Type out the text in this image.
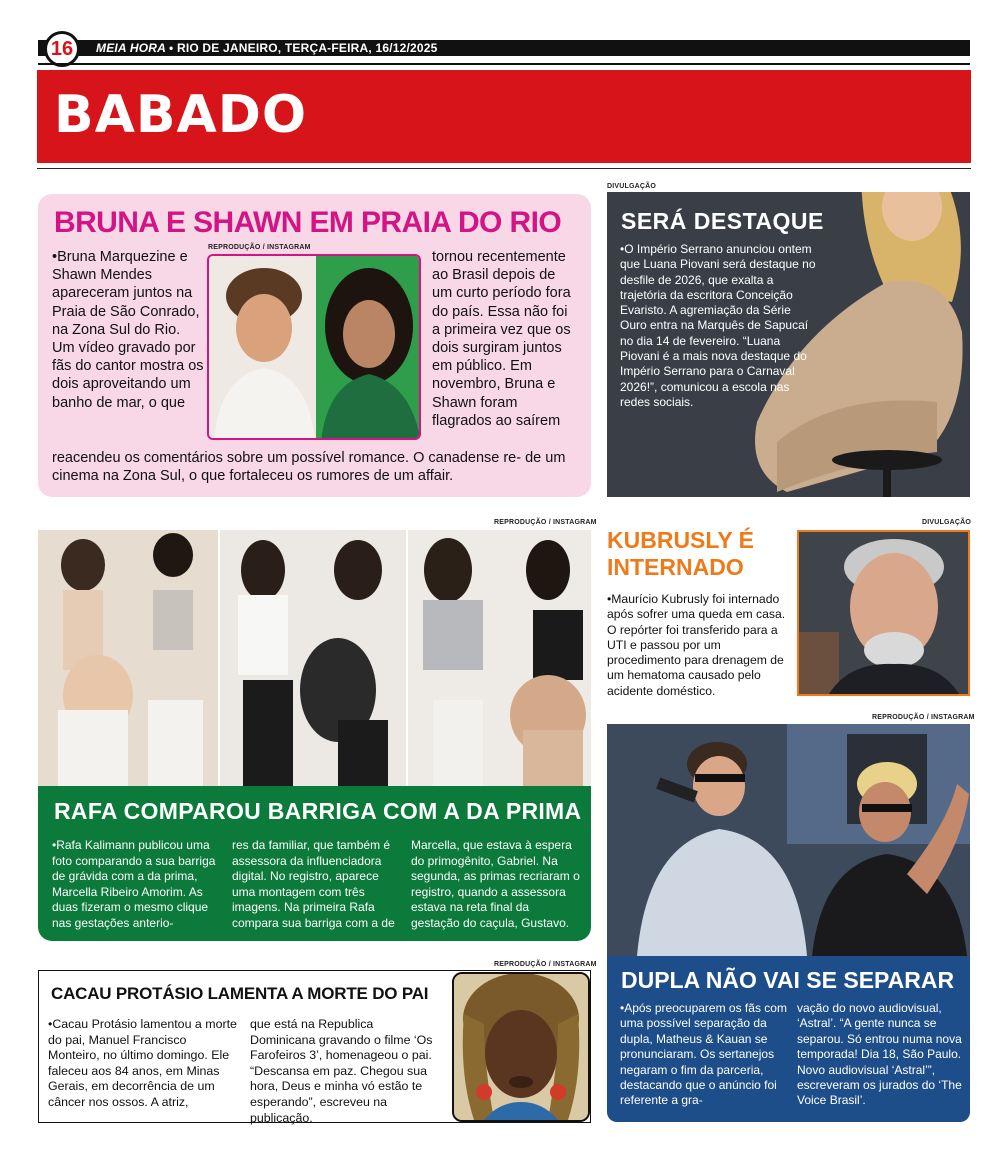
16	MEIA HORA • RIO DE JANEIRO, TERÇA-FEIRA, 16/12/2025
BABADO
BRUNA E SHAWN EM PRAIA DO RIO
•Bruna Marquezine e Shawn Mendes apareceram juntos na Praia de São Conrado, na Zona Sul do Rio. Um vídeo gravado por fãs do cantor mostra os dois aproveitando um banho de mar, o que
REPRODUÇÃO / INSTAGRAM
tornou recentemente ao Brasil depois de um curto período fora do país. Essa não foi a primeira vez que os dois surgiram juntos em público. Em novembro, Bruna e Shawn foram flagrados ao saírem
reacendeu os comentários sobre um possível romance. O canadense re- de um cinema na Zona Sul, o que fortaleceu os rumores de um affair.
DIVULGAÇÃO
SERÁ DESTAQUE
•O Império Serrano anunciou ontem que Luana Piovani será destaque no desfile de 2026, que exalta a trajetória da escritora Conceição Evaristo. A agremiação da Série Ouro entra na Marquês de Sapucaí no dia 14 de fevereiro. “Luana Piovani é a mais nova destaque do Império Serrano para o Carnaval 2026!”, comunicou a escola nas redes sociais.
REPRODUÇÃO / INSTAGRAM
RAFA COMPAROU BARRIGA COM A DA PRIMA
•Rafa Kalimann publicou uma foto comparando a sua barriga de grávida com a da prima, Marcella Ribeiro Amorim. As duas fizeram o mesmo clique nas gestações anterio-
res da familiar, que também é assessora da influenciadora digital. No registro, aparece uma montagem com três imagens. Na primeira Rafa compara sua barriga com a de
Marcella, que estava à espera do primogênito, Gabriel. Na segunda, as primas recriaram o registro, quando a assessora estava na reta final da gestação do caçula, Gustavo.
KUBRUSLY É INTERNADO
•Maurício Kubrusly foi internado após sofrer uma queda em casa. O repórter foi transferido para a UTI e passou por um procedimento para drenagem de um hematoma causado pelo acidente doméstico.
DIVULGAÇÃO
REPRODUÇÃO / INSTAGRAM
DUPLA NÃO VAI SE SEPARAR
•Após preocuparem os fãs com uma possível separação da dupla, Matheus & Kauan se pronunciaram. Os sertanejos negaram o fim da parceria, destacando que o anúncio foi referente a gra-
vação do novo audiovisual, ‘Astral’. “A gente nunca se separou. Só entrou numa nova temporada! Dia 18, São Paulo. Novo audiovisual ‘Astral’”, escreveram os jurados do ‘The Voice Brasil’.
REPRODUÇÃO / INSTAGRAM
CACAU PROTÁSIO LAMENTA A MORTE DO PAI
•Cacau Protásio lamentou a morte do pai, Manuel Francisco Monteiro, no último domingo. Ele faleceu aos 84 anos, em Minas Gerais, em decorrência de um câncer nos ossos. A atriz,
que está na Republica Dominicana gravando o filme ‘Os Farofeiros 3’, homenageou o pai. “Descansa em paz. Chegou sua hora, Deus e minha vó estão te esperando”, escreveu na publicação.
